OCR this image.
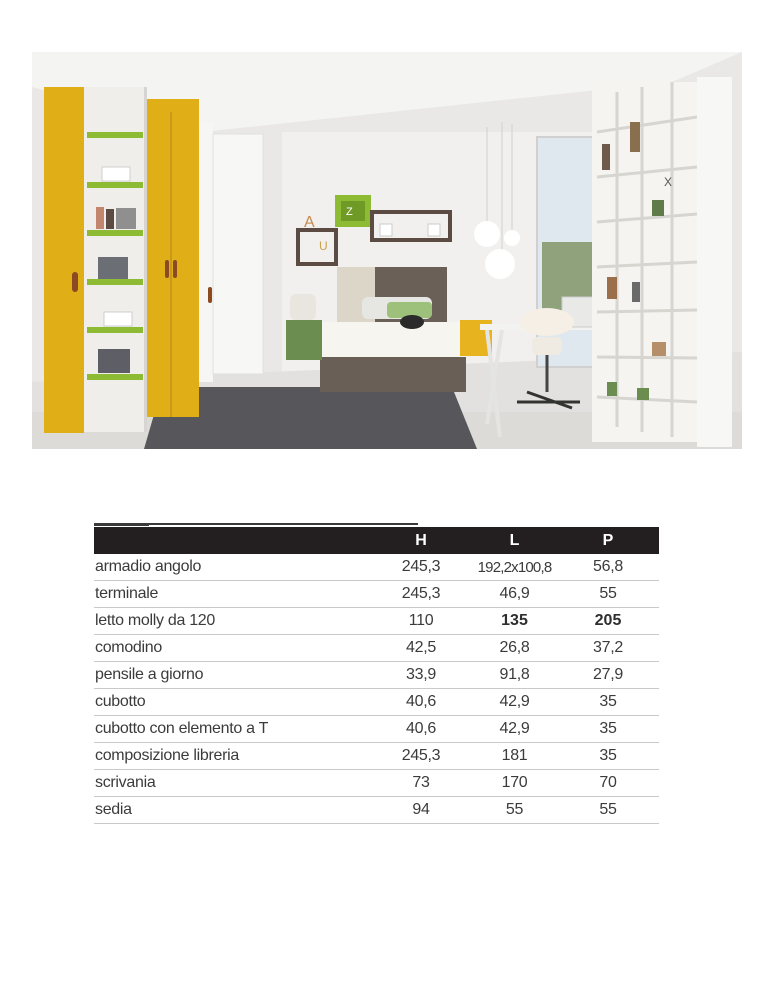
A
Z
U
X
	H	L	P
armadio angolo	245,3	192,2x100,8	56,8
terminale	245,3	46,9	55
letto molly da 120	110	135	205
comodino	42,5	26,8	37,2
pensile a giorno	33,9	91,8	27,9
cubotto	40,6	42,9	35
cubotto con elemento a T	40,6	42,9	35
composizione libreria	245,3	181	35
scrivania	73	170	70
sedia	94	55	55
